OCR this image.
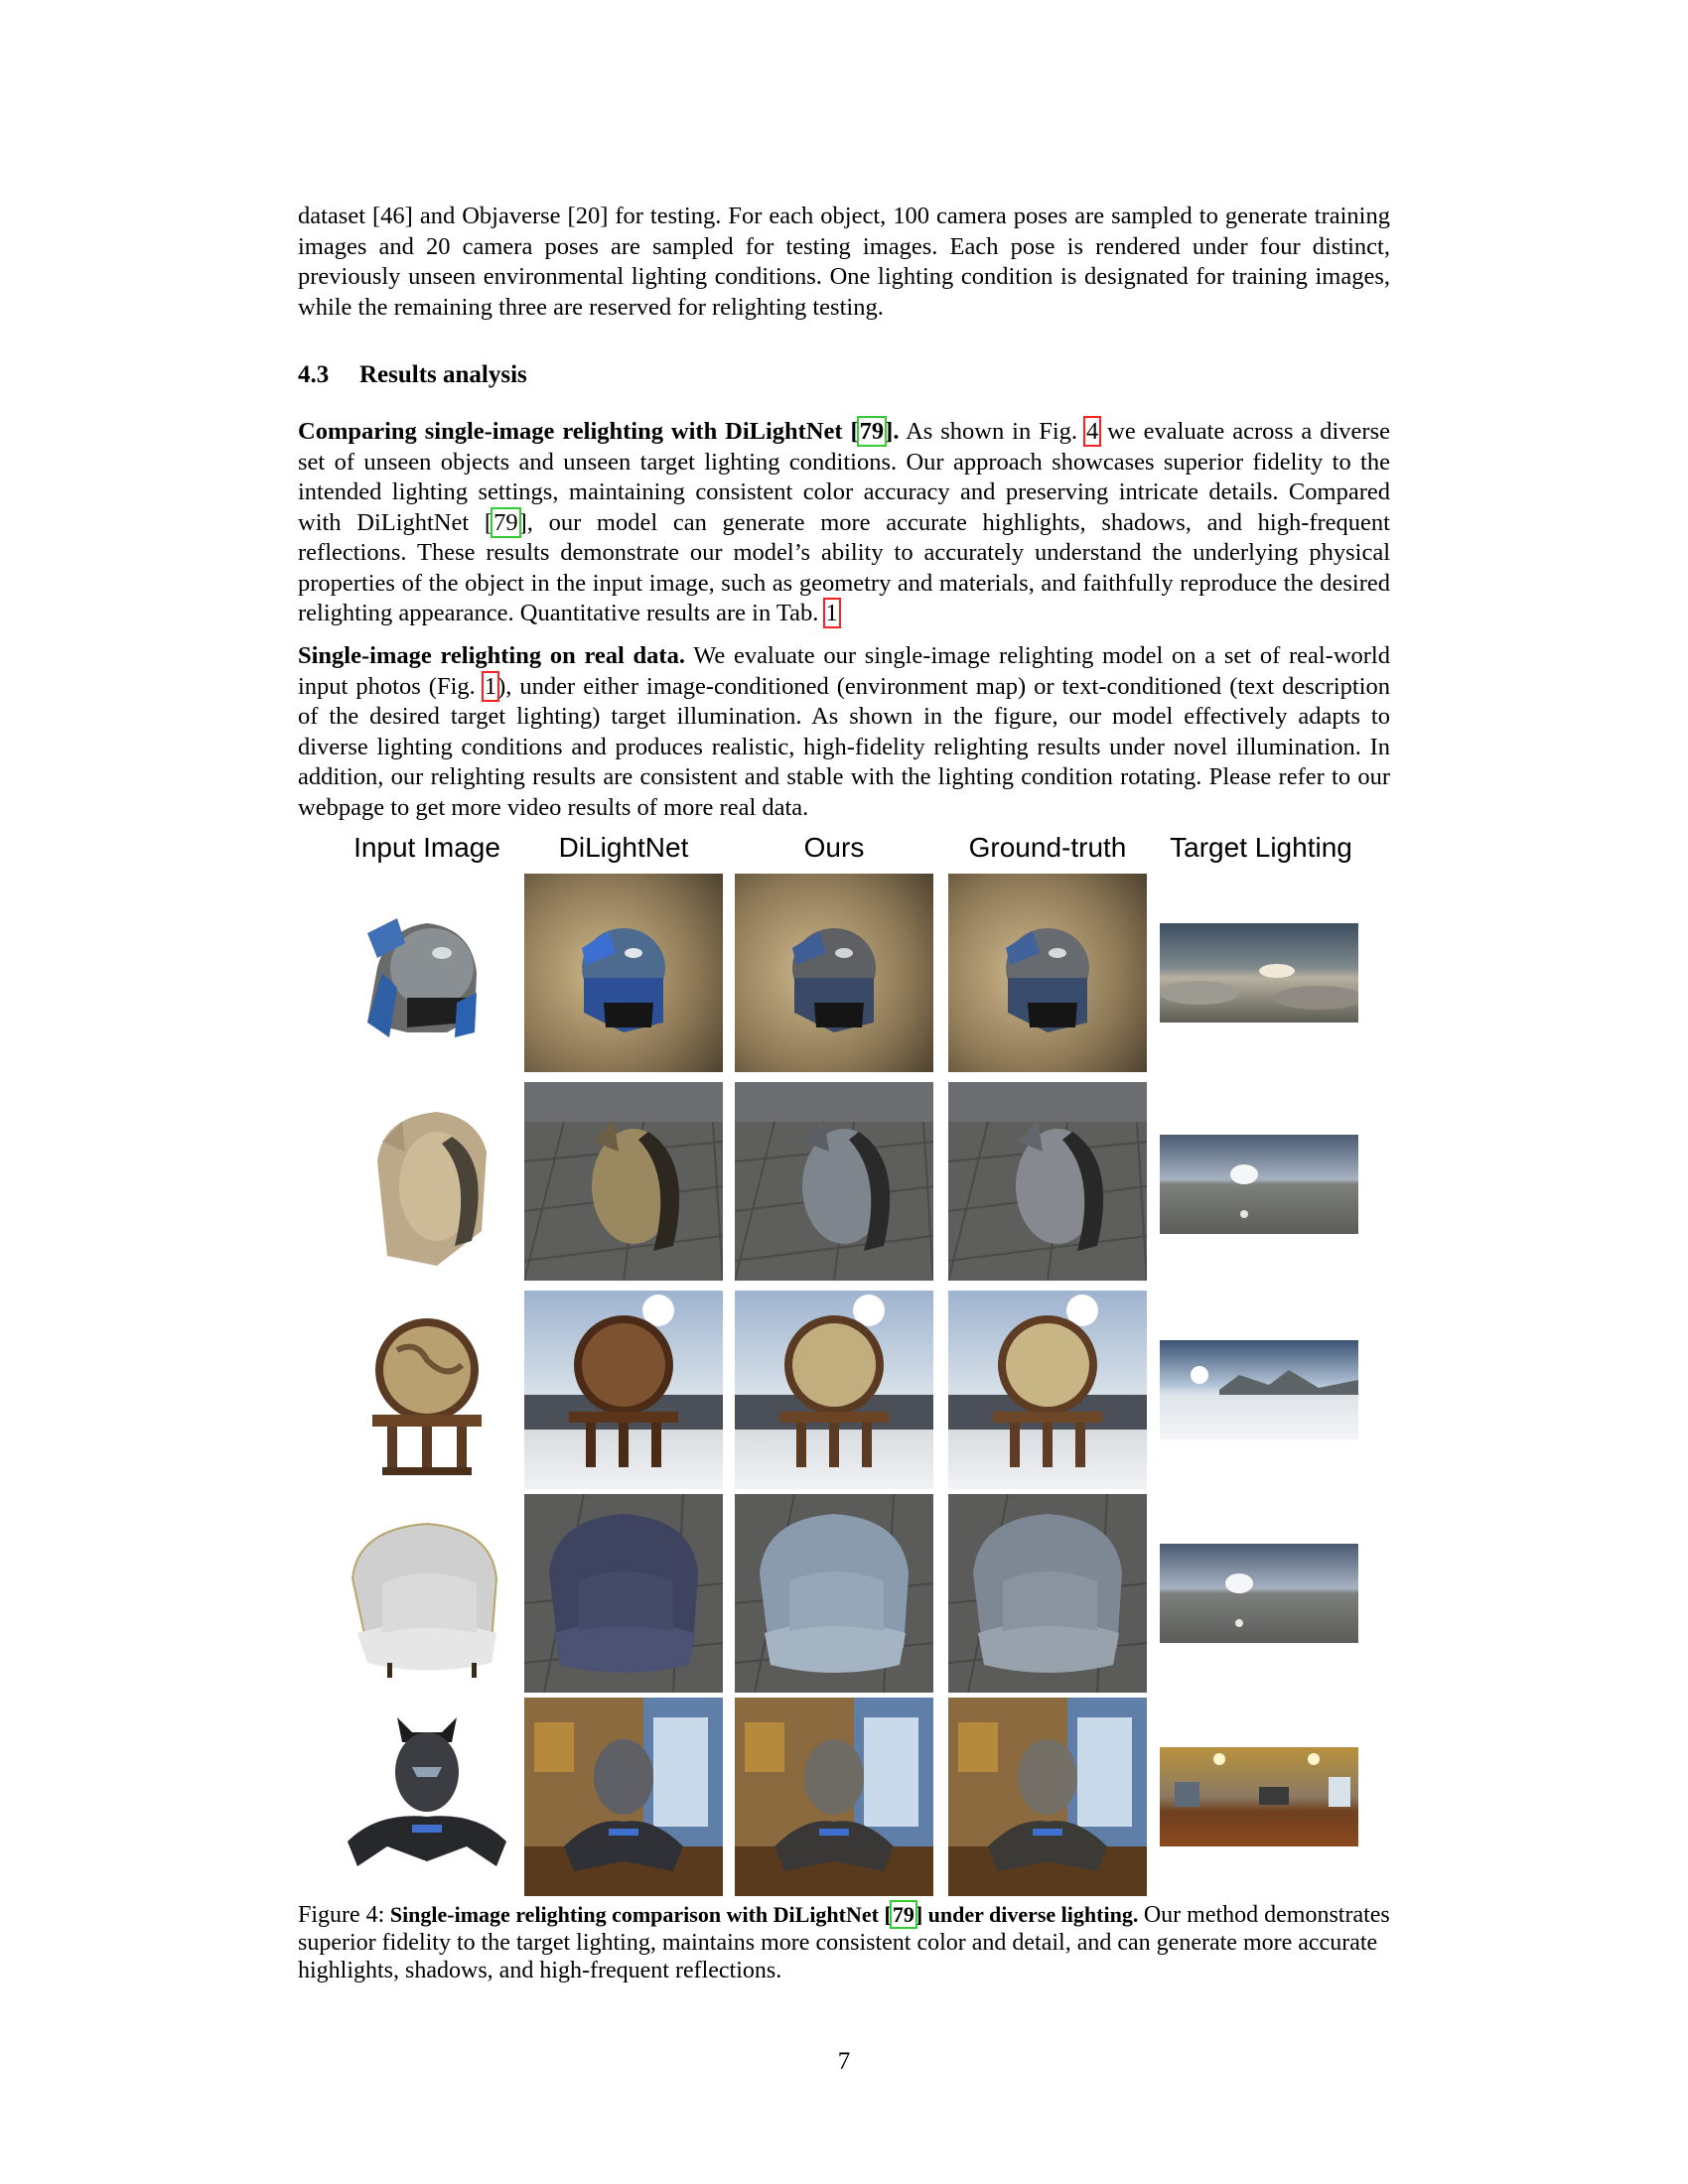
dataset [46] and Objaverse [20] for testing. For each object, 100 camera poses are sampled to generate training images and 20 camera poses are sampled for testing images. Each pose is rendered under four distinct, previously unseen environmental lighting conditions. One lighting condition is designated for training images, while the remaining three are reserved for relighting testing.

4.3 Results analysis

Comparing single-image relighting with DiLightNet [79]. As shown in Fig. 4 we evaluate across a diverse set of unseen objects and unseen target lighting conditions. Our approach showcases superior fidelity to the intended lighting settings, maintaining consistent color accuracy and preserving intricate details. Compared with DiLightNet [79], our model can generate more accurate highlights, shadows, and high-frequent reflections. These results demonstrate our model’s ability to accurately understand the underlying physical properties of the object in the input image, such as geometry and materials, and faithfully reproduce the desired relighting appearance. Quantitative results are in Tab. 1

Single-image relighting on real data. We evaluate our single-image relighting model on a set of real-world input photos (Fig. 1), under either image-conditioned (environment map) or text-conditioned (text description of the desired target lighting) target illumination. As shown in the figure, our model effectively adapts to diverse lighting conditions and produces realistic, high-fidelity relighting results under novel illumination. In addition, our relighting results are consistent and stable with the lighting condition rotating. Please refer to our webpage to get more video results of more real data.

Input Image	DiLightNet	Ours	Ground-truth	Target Lighting

Figure 4: Single-image relighting comparison with DiLightNet [79] under diverse lighting. Our method demonstrates superior fidelity to the target lighting, maintains more consistent color and detail, and can generate more accurate highlights, shadows, and high-frequent reflections.

7
